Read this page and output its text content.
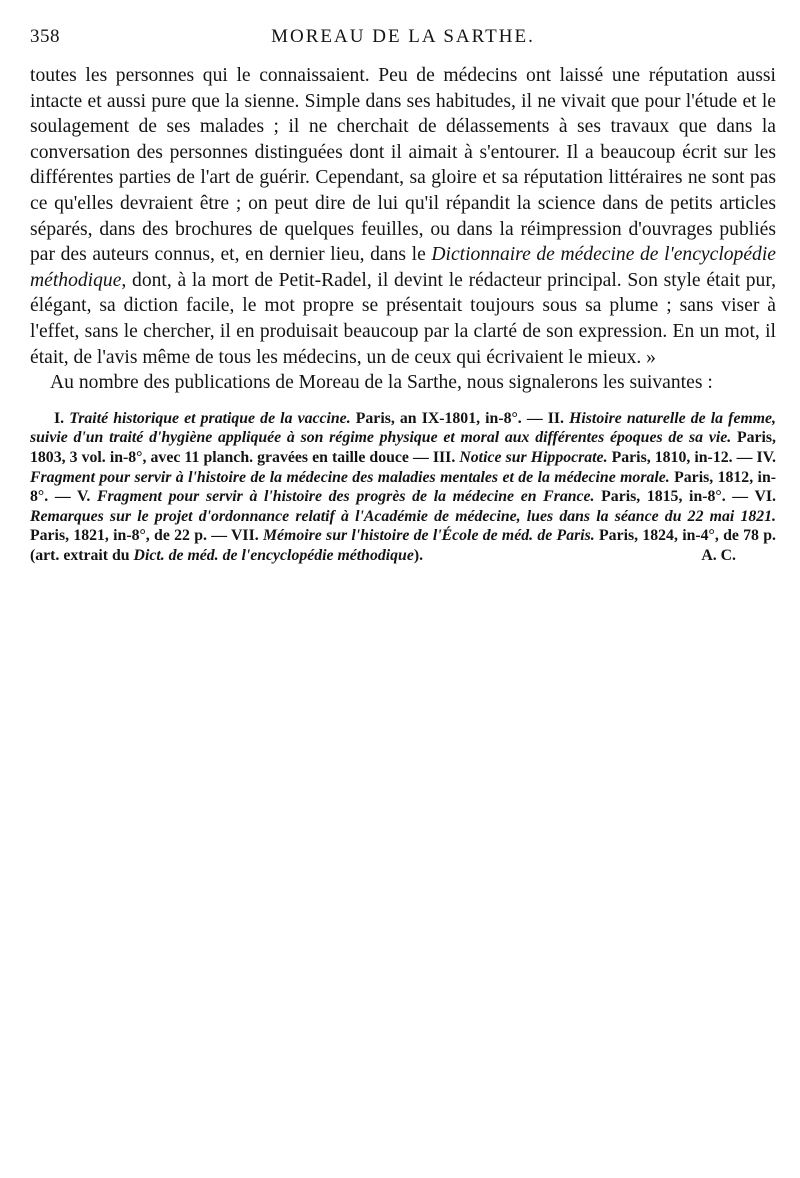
358	MOREAU DE LA SARTHE.

toutes les personnes qui le connaissaient. Peu de médecins ont laissé une réputation aussi intacte et aussi pure que la sienne. Simple dans ses habitudes, il ne vivait que pour l'étude et le soulagement de ses malades ; il ne cherchait de délassements à ses travaux que dans la conversation des personnes distinguées dont il aimait à s'entourer. Il a beaucoup écrit sur les différentes parties de l'art de guérir. Cependant, sa gloire et sa réputation littéraires ne sont pas ce qu'elles devraient être ; on peut dire de lui qu'il répandit la science dans de petits articles séparés, dans des brochures de quelques feuilles, ou dans la réimpression d'ouvrages publiés par des auteurs connus, et, en dernier lieu, dans le Dictionnaire de médecine de l'encyclopédie méthodique, dont, à la mort de Petit-Radel, il devint le rédacteur principal. Son style était pur, élégant, sa diction facile, le mot propre se présentait toujours sous sa plume ; sans viser à l'effet, sans le chercher, il en produisait beaucoup par la clarté de son expression. En un mot, il était, de l'avis même de tous les médecins, un de ceux qui écrivaient le mieux. »

Au nombre des publications de Moreau de la Sarthe, nous signalerons les suivantes :

I. Traité historique et pratique de la vaccine. Paris, an IX-1801, in-8°. — II. Histoire naturelle de la femme, suivie d'un traité d'hygiène appliquée à son régime physique et moral aux différentes époques de sa vie. Paris, 1803, 3 vol. in-8°, avec 11 planch. gravées en taille douce — III. Notice sur Hippocrate. Paris, 1810, in-12. — IV. Fragment pour servir à l'histoire de la médecine des maladies mentales et de la médecine morale. Paris, 1812, in-8°. — V. Fragment pour servir à l'histoire des progrès de la médecine en France. Paris, 1815, in-8°. — VI. Remarques sur le projet d'ordonnance relatif à l'Académie de médecine, lues dans la séance du 22 mai 1821. Paris, 1821, in-8°, de 22 p. — VII. Mémoire sur l'histoire de l'École de méd. de Paris. Paris, 1824, in-4°, de 78 p. (art. extrait du Dict. de méd. de l'encyclopédie méthodique).	A. C.
